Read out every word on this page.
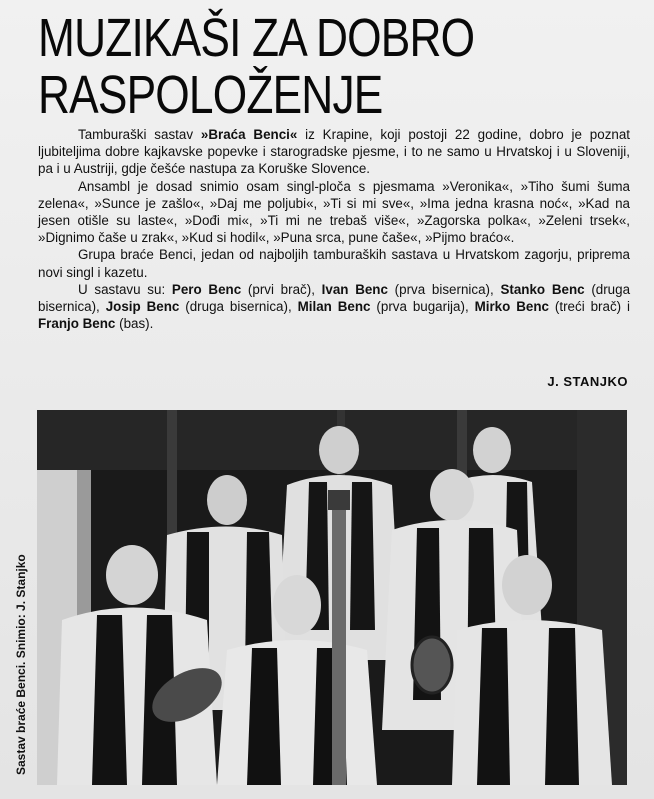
MUZIKAŠI ZA DOBRO
RASPOLOŽENJE

Tamburaški sastav »Braća Benci« iz Krapine, koji postoji 22 godine, dobro je poznat ljubiteljima dobre kajkavske popevke i starogradske pjesme, i to ne samo u Hrvatskoj i u Sloveniji, pa i u Austriji, gdje češće nastupa za Koruške Slovence.

Ansambl je dosad snimio osam singl-ploča s pjesmama »Veronika«, »Tiho šumi šuma zelena«, »Sunce je zašlo«, »Daj me poljubi«, »Ti si mi sve«, »Ima jedna krasna noć«, »Kad na jesen otišle su laste«, »Dođi mi«, »Ti mi ne trebaš više«, »Zagorska polka«, »Zeleni trsek«, »Dignimo čaše u zrak«, »Kud si hodil«, »Puna srca, pune čaše«, »Pijmo braćo«.

Grupa braće Benci, jedan od najboljih tamburaških sastava u Hrvatskom zagorju, priprema novi singl i kazetu.

U sastavu su: Pero Benc (prvi brač), Ivan Benc (prva bisernica), Stanko Benc (druga bisernica), Josip Benc (druga bisernica), Milan Benc (prva bugarija), Mirko Benc (treći brač) i Franjo Benc (bas).

J. STANJKO
Sastav braće Benci. Snimio: J. Stanjko
